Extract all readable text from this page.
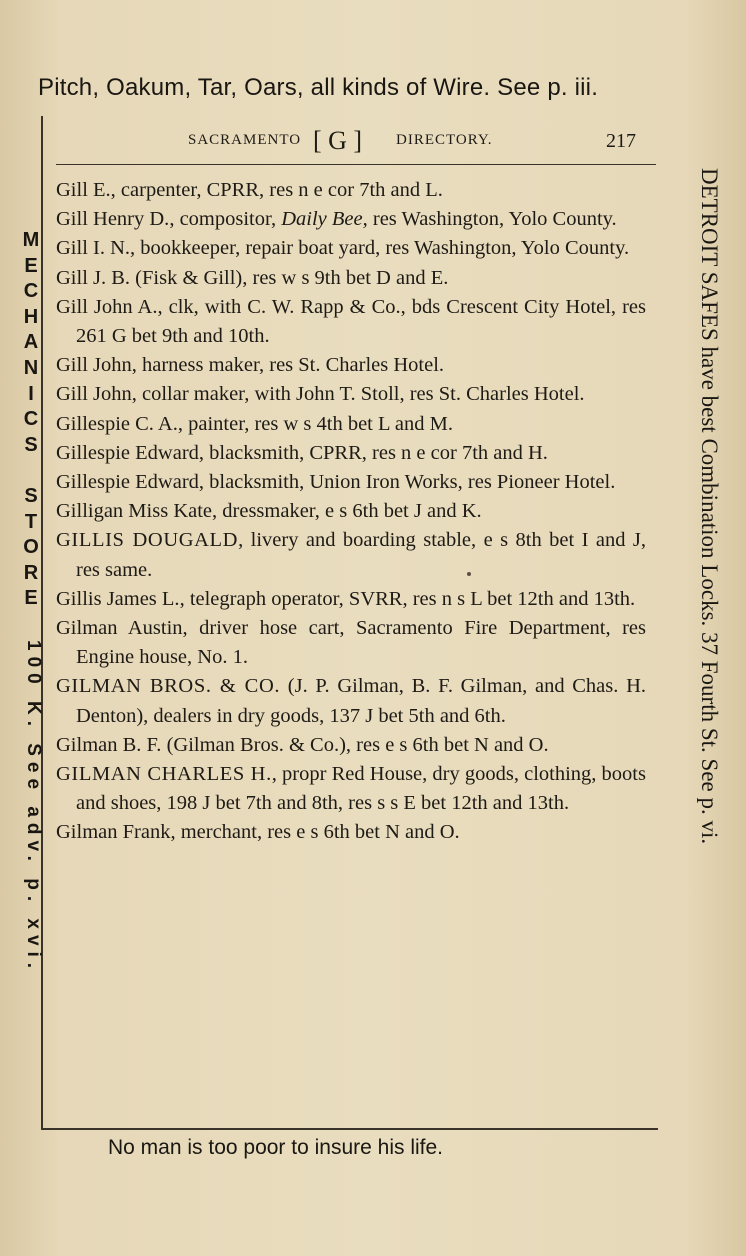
Pitch, Oakum, Tar, Oars, all kinds of Wire. See p. iii.
SACRAMENTO [ G ] DIRECTORY.	217

Gill E., carpenter, CPRR, res n e cor 7th and L.

Gill Henry D., compositor, Daily Bee, res Washington, Yolo County.

Gill I. N., bookkeeper, repair boat yard, res Washington, Yolo County.

Gill J. B. (Fisk & Gill), res w s 9th bet D and E.

Gill John A., clk, with C. W. Rapp & Co., bds Crescent City Hotel, res 261 G bet 9th and 10th.

Gill John, harness maker, res St. Charles Hotel.

Gill John, collar maker, with John T. Stoll, res St. Charles Hotel.

Gillespie C. A., painter, res w s 4th bet L and M.

Gillespie Edward, blacksmith, CPRR, res n e cor 7th and H.

Gillespie Edward, blacksmith, Union Iron Works, res Pioneer Hotel.

Gilligan Miss Kate, dressmaker, e s 6th bet J and K.

GILLIS DOUGALD, livery and boarding stable, e s 8th bet I and J, res same.

Gillis James L., telegraph operator, SVRR, res n s L bet 12th and 13th.

Gilman Austin, driver hose cart, Sacramento Fire Department, res Engine house, No. 1.

GILMAN BROS. & CO. (J. P. Gilman, B. F. Gilman, and Chas. H. Denton), dealers in dry goods, 137 J bet 5th and 6th.

Gilman B. F. (Gilman Bros. & Co.), res e s 6th bet N and O.

GILMAN CHARLES H., propr Red House, dry goods, clothing, boots and shoes, 198 J bet 7th and 8th, res s s E bet 12th and 13th.

Gilman Frank, merchant, res e s 6th bet N and O.

M
E
C
H
A
N
I
C
S
S
T
O
R
E
100 K. See adv. p. xvi.	DETROIT SAFES have best Combination Locks. 37 Fourth St. See p. vi.
No man is too poor to insure his life.
